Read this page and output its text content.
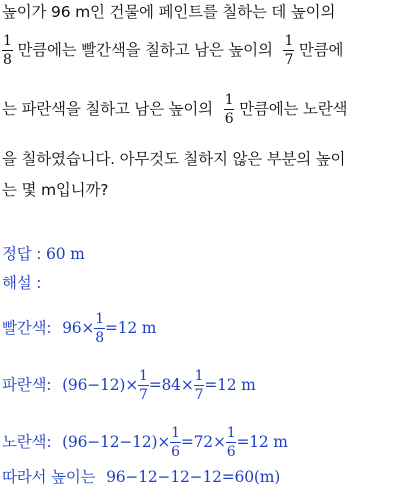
높이가 96 m인 건물에 페인트를 칠하는 데 높이의
$\frac{1}{8}$ 만큼에는 빨간색을 칠하고 남은 높이의 $\frac{1}{7}$ 만큼에
는 파란색을 칠하고 남은 높이의 $\frac{1}{6}$ 만큼에는 노란색
을 칠하였습니다. 아무것도 칠하지 않은 부분의 높이
는 몇 m입니까?
정답 : 60 m
해설 :
빨간색: $96\times \frac{1}{8} =12$ m
파란색: $(96-12)\times \frac{1}{7} =84\times \frac{1}{7} =12$ m
노란색: $(96-12-12)\times \frac{1}{6} =72\times \frac{1}{6} =12$ m
따라서 높이는 96−12−12−12=60(m)
